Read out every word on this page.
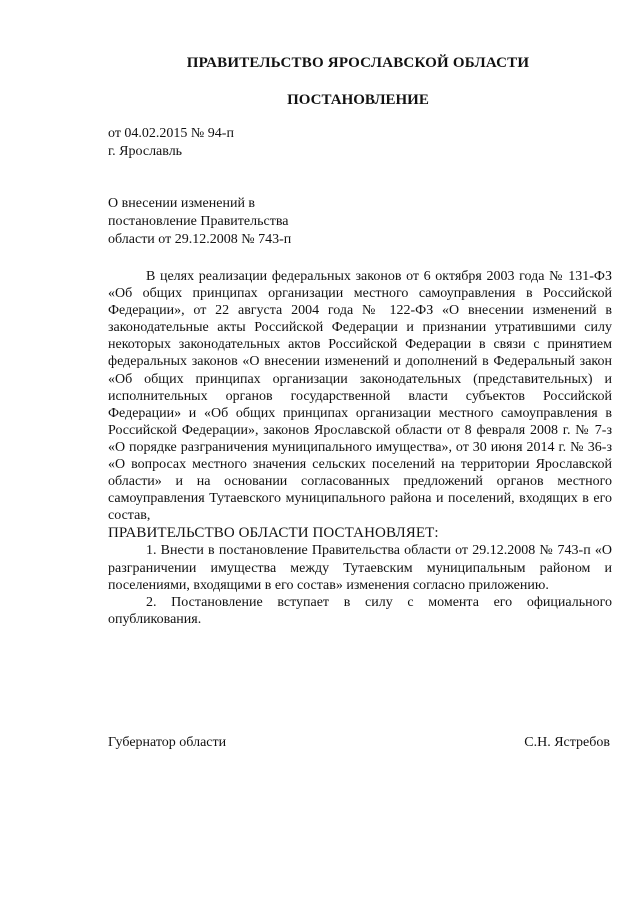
ПРАВИТЕЛЬСТВО ЯРОСЛАВСКОЙ ОБЛАСТИ
ПОСТАНОВЛЕНИЕ
от 04.02.2015 № 94-п
г. Ярославль
О внесении изменений в
постановление Правительства
области от 29.12.2008 № 743-п

В целях реализации федеральных законов от 6 октября 2003 года № 131-ФЗ «Об общих принципах организации местного самоуправления в Российской Федерации», от 22 августа 2004 года № 122-ФЗ «О внесении изменений в законодательные акты Российской Федерации и признании утратившими силу некоторых законодательных актов Российской Федерации в связи с принятием федеральных законов «О внесении изменений и дополнений в Федеральный закон «Об общих принципах организации законодательных (представительных) и исполнительных органов государственной власти субъектов Российской Федерации» и «Об общих принципах организации местного самоуправления в Российской Федерации», законов Ярославской области от 8 февраля 2008 г. № 7-з «О порядке разграничения муниципального имущества», от 30 июня 2014 г. № 36-з «О вопросах местного значения сельских поселений на территории Ярославской области» и на основании согласованных предложений органов местного самоуправления Тутаевского муниципального района и поселений, входящих в его состав,

ПРАВИТЕЛЬСТВО ОБЛАСТИ ПОСТАНОВЛЯЕТ:

1. Внести в постановление Правительства области от 29.12.2008 № 743-п «О разграничении имущества между Тутаевским муниципальным районом и поселениями, входящими в его состав» изменения согласно приложению.

2. Постановление вступает в силу с момента его официального опубликования.

Губернатор области	С.Н. Ястребов
